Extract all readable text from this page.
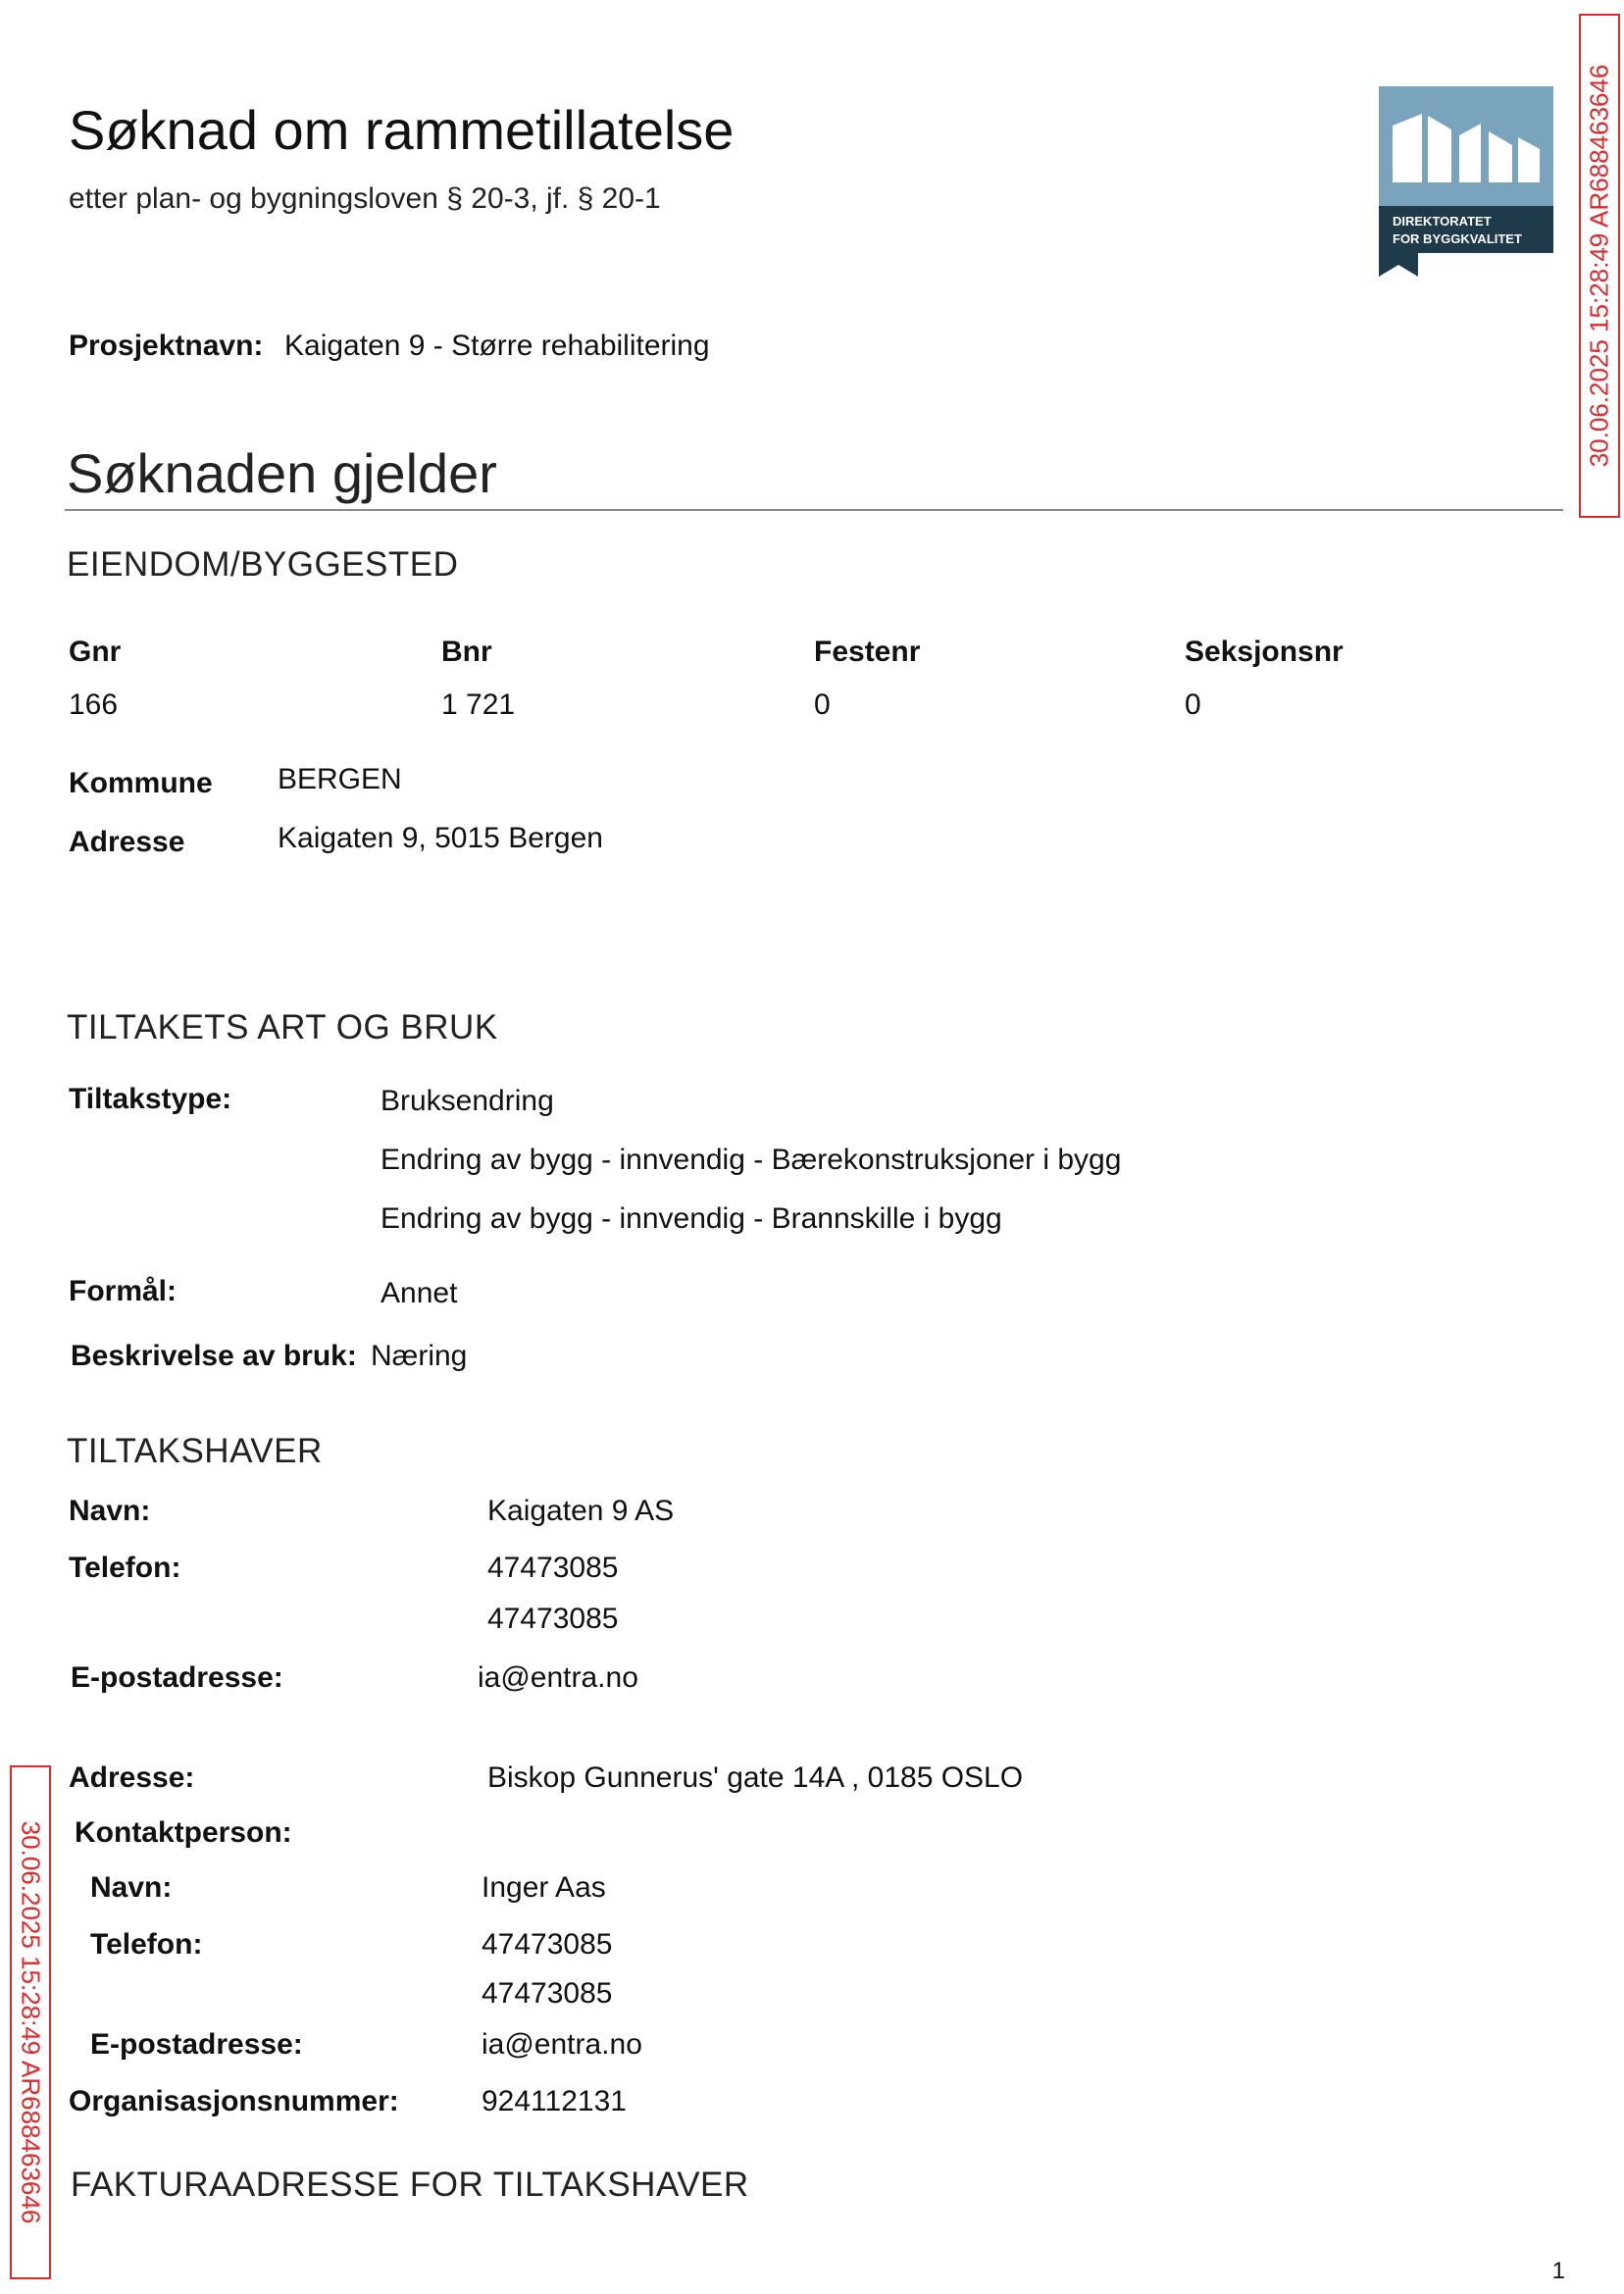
Søknad om rammetillatelse
etter plan- og bygningsloven § 20-3, jf. § 20-1
DIREKTORATET
FOR BYGGKVALITET 30.06.2025 15:28:49 AR688463646
Prosjektnavn: Kaigaten 9 - Større rehabilitering
Søknaden gjelder
EIENDOM/BYGGESTED
Gnr	Bnr	Festenr	Seksjonsnr
166	1 721	0	0
Kommune BERGEN
Adresse	Kaigaten 9, 5015 Bergen
TILTAKETS ART OG BRUK
Tiltakstype:	Bruksendring
Endring av bygg - innvendig - Bærekonstruksjoner i bygg
Endring av bygg - innvendig - Brannskille i bygg
Formål:	Annet
Beskrivelse av bruk: Næring
TILTAKSHAVER
Navn:	Kaigaten 9 AS
Telefon:	47473085
47473085
E-postadresse:	ia@entra.no
30.06.2025 15:28:49 AR688463646
Adresse:	Biskop Gunnerus' gate 14A , 0185 OSLO
Kontaktperson:
Navn:	Inger Aas
Telefon:	47473085
47473085
E-postadresse:	ia@entra.no
Organisasjonsnummer:	924112131
FAKTURAADRESSE FOR TILTAKSHAVER
1
